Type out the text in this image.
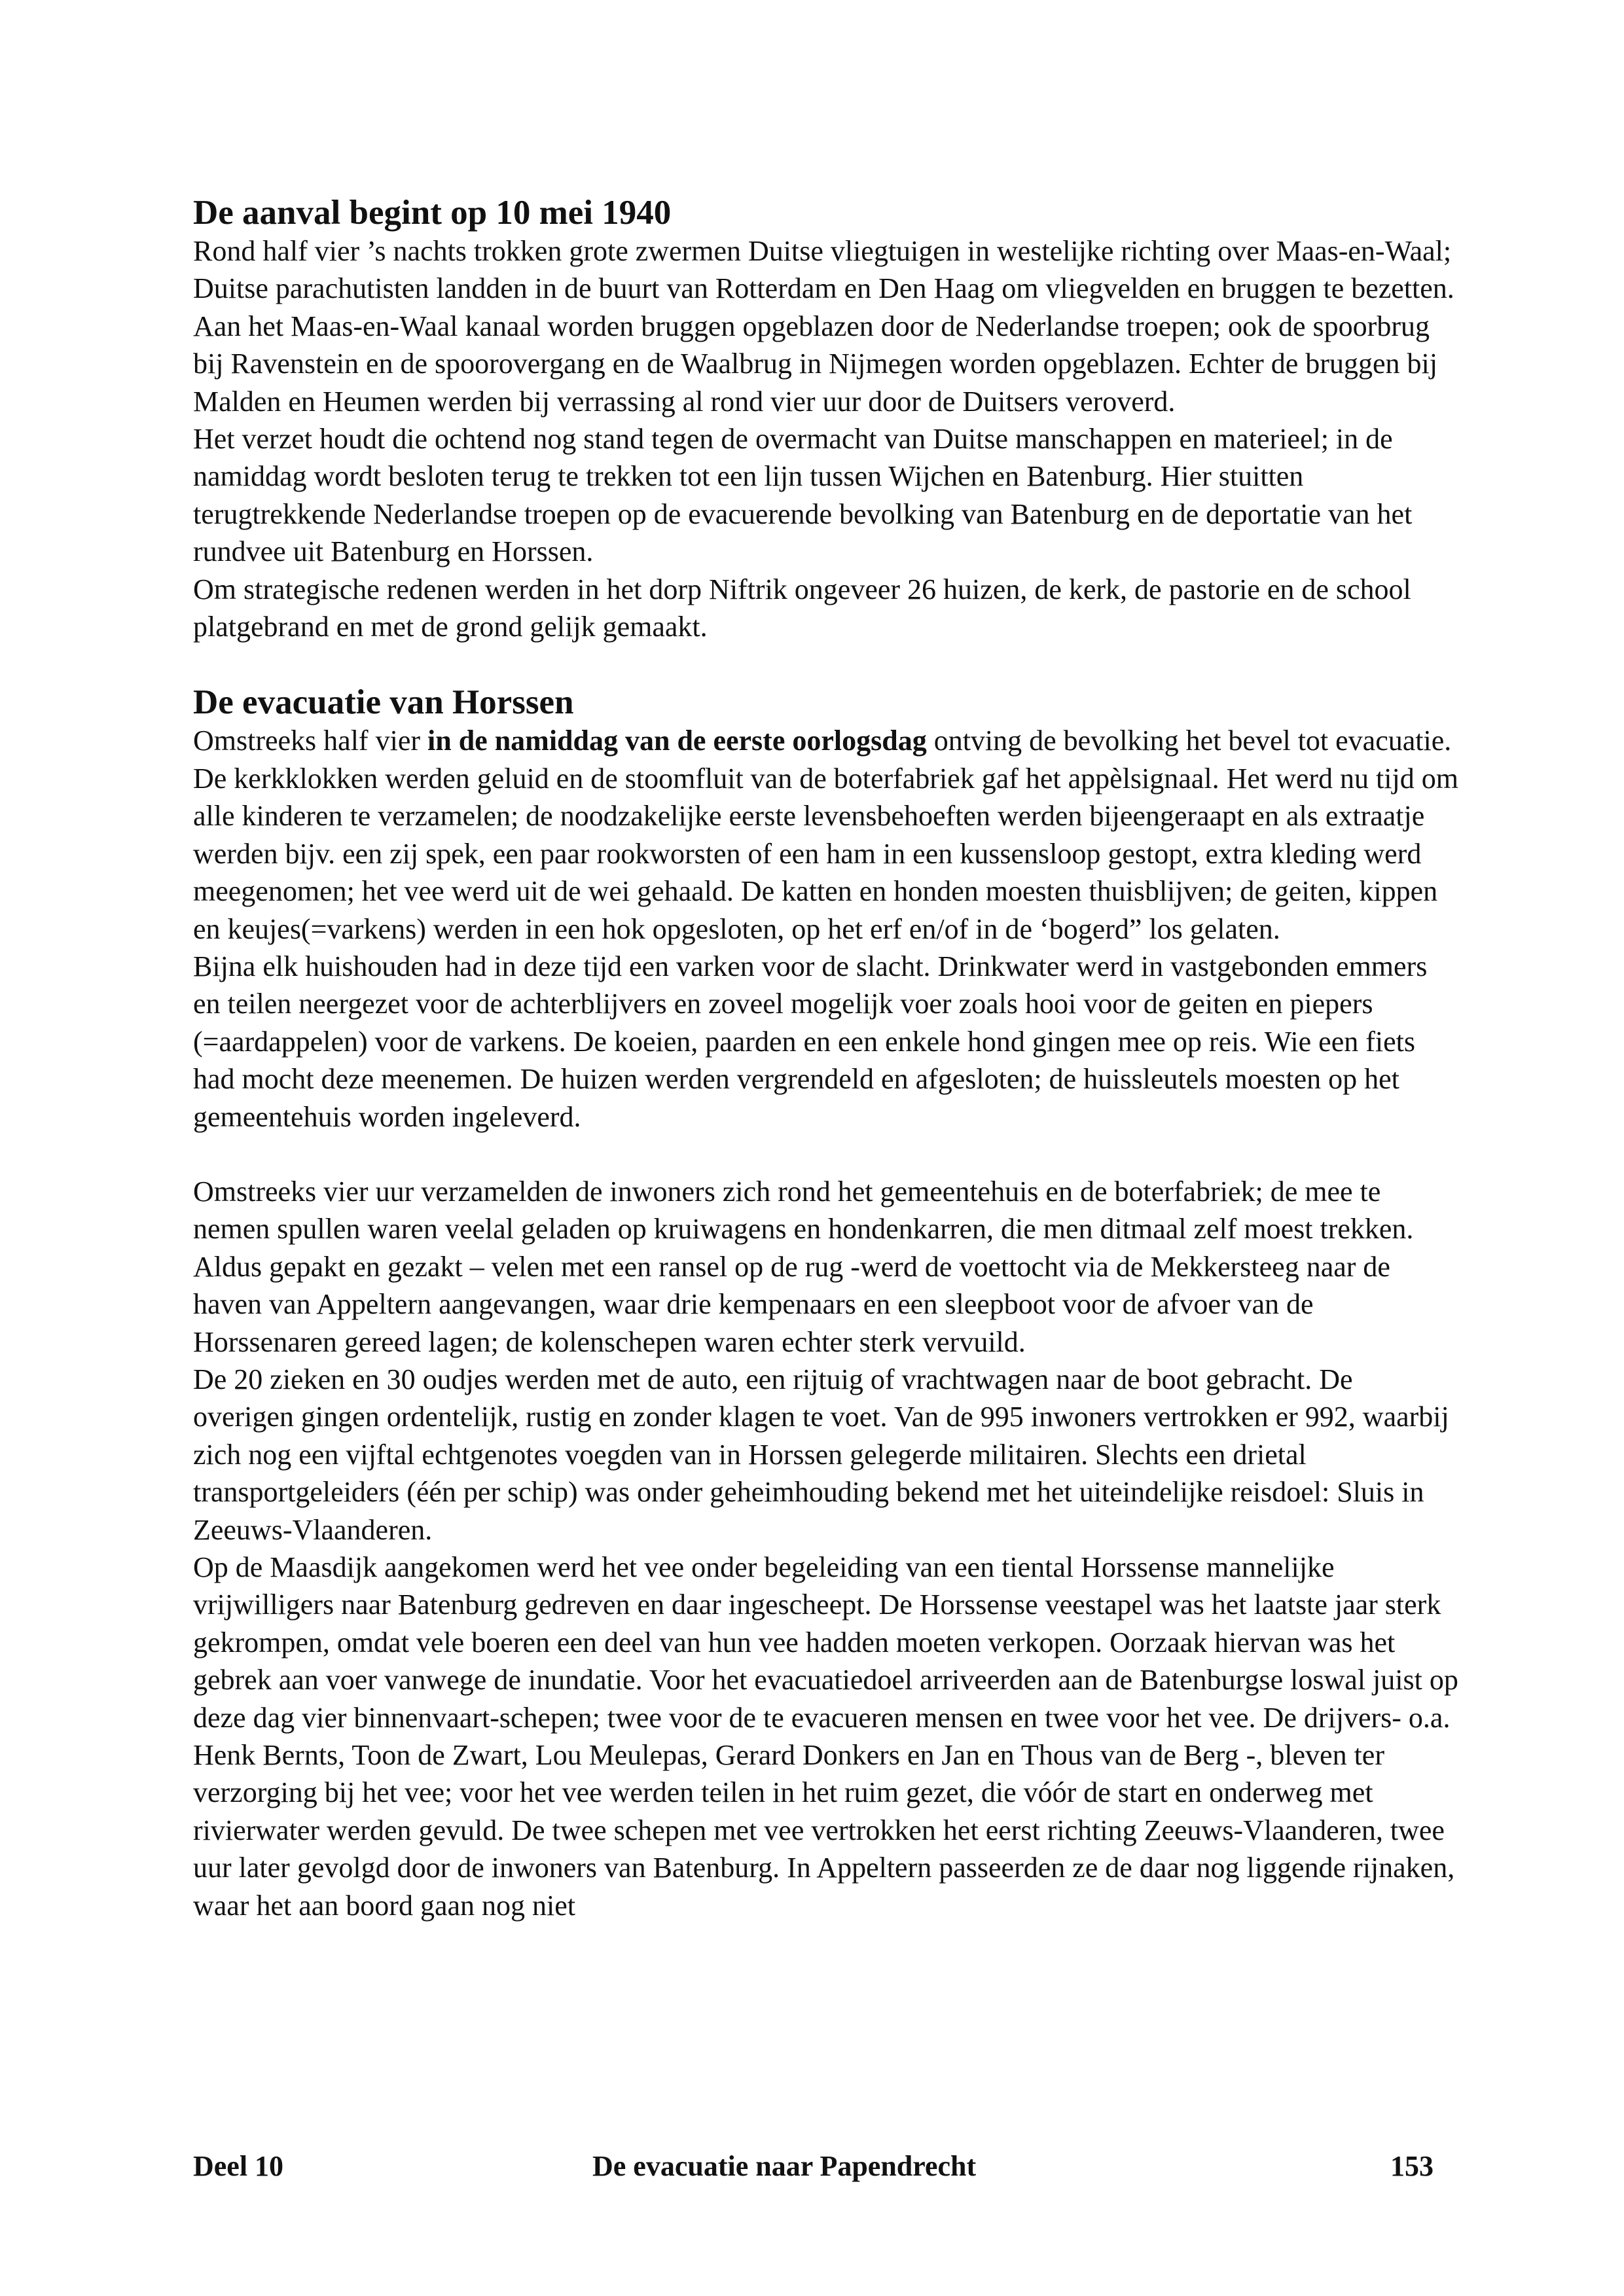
De aanval begint op 10 mei 1940

Rond half vier ’s nachts trokken grote zwermen Duitse vliegtuigen in westelijke richting over Maas-en-Waal; Duitse parachutisten landden in de buurt van Rotterdam en Den Haag om vliegvelden en bruggen te bezetten.

Aan het Maas-en-Waal kanaal worden bruggen opgeblazen door de Nederlandse troepen; ook de spoorbrug bij Ravenstein en de spoorovergang en de Waalbrug in Nijmegen worden opgeblazen. Echter de bruggen bij Malden en Heumen werden bij verrassing al rond vier uur door de Duitsers veroverd.

Het verzet houdt die ochtend nog stand tegen de overmacht van Duitse manschappen en materieel; in de namiddag wordt besloten terug te trekken tot een lijn tussen Wijchen en Batenburg. Hier stuitten terugtrekkende Nederlandse troepen op de evacuerende bevolking van Batenburg en de deportatie van het rundvee uit Batenburg en Horssen.

Om strategische redenen werden in het dorp Niftrik ongeveer 26 huizen, de kerk, de pastorie en de school platgebrand en met de grond gelijk gemaakt.

De evacuatie van Horssen

Omstreeks half vier in de namiddag van de eerste oorlogsdag ontving de bevolking het bevel tot evacuatie. De kerkklokken werden geluid en de stoomfluit van de boterfabriek gaf het appèlsignaal. Het werd nu tijd om alle kinderen te verzamelen; de noodzakelijke eerste levensbehoeften werden bijeengeraapt en als extraatje werden bijv. een zij spek, een paar rookworsten of een ham in een kussensloop gestopt, extra kleding werd meegenomen; het vee werd uit de wei gehaald. De katten en honden moesten thuisblijven; de geiten, kippen en keujes(=varkens) werden in een hok opgesloten, op het erf en/of in de ‘bogerd” los gelaten.

Bijna elk huishouden had in deze tijd een varken voor de slacht. Drinkwater werd in vastgebonden emmers en teilen neergezet voor de achterblijvers en zoveel mogelijk voer zoals hooi voor de geiten en piepers (=aardappelen) voor de varkens. De koeien, paarden en een enkele hond gingen mee op reis. Wie een fiets had mocht deze meenemen. De huizen werden vergrendeld en afgesloten; de huissleutels moesten op het gemeentehuis worden ingeleverd.

Omstreeks vier uur verzamelden de inwoners zich rond het gemeentehuis en de boterfabriek; de mee te nemen spullen waren veelal geladen op kruiwagens en hondenkarren, die men ditmaal zelf moest trekken. Aldus gepakt en gezakt – velen met een ransel op de rug -werd de voettocht via de Mekkersteeg naar de haven van Appeltern aangevangen, waar drie kempenaars en een sleepboot voor de afvoer van de Horssenaren gereed lagen; de kolenschepen waren echter sterk vervuild.

De 20 zieken en 30 oudjes werden met de auto, een rijtuig of vrachtwagen naar de boot gebracht. De overigen gingen ordentelijk, rustig en zonder klagen te voet. Van de 995 inwoners vertrokken er 992, waarbij zich nog een vijftal echtgenotes voegden van in Horssen gelegerde militairen. Slechts een drietal transportgeleiders (één per schip) was onder geheimhouding bekend met het uiteindelijke reisdoel: Sluis in Zeeuws-Vlaanderen.

Op de Maasdijk aangekomen werd het vee onder begeleiding van een tiental Horssense mannelijke vrijwilligers naar Batenburg gedreven en daar ingescheept. De Horssense veestapel was het laatste jaar sterk gekrompen, omdat vele boeren een deel van hun vee hadden moeten verkopen. Oorzaak hiervan was het gebrek aan voer vanwege de inundatie. Voor het evacuatiedoel arriveerden aan de Batenburgse loswal juist op deze dag vier binnenvaart-schepen; twee voor de te evacueren mensen en twee voor het vee. De drijvers- o.a. Henk Bernts, Toon de Zwart, Lou Meulepas, Gerard Donkers en Jan en Thous van de Berg -, bleven ter verzorging bij het vee; voor het vee werden teilen in het ruim gezet, die vóór de start en onderweg met rivierwater werden gevuld. De twee schepen met vee vertrokken het eerst richting Zeeuws-Vlaanderen, twee uur later gevolgd door de inwoners van Batenburg. In Appeltern passeerden ze de daar nog liggende rijnaken, waar het aan boord gaan nog niet

Deel 10	De evacuatie naar Papendrecht	153
